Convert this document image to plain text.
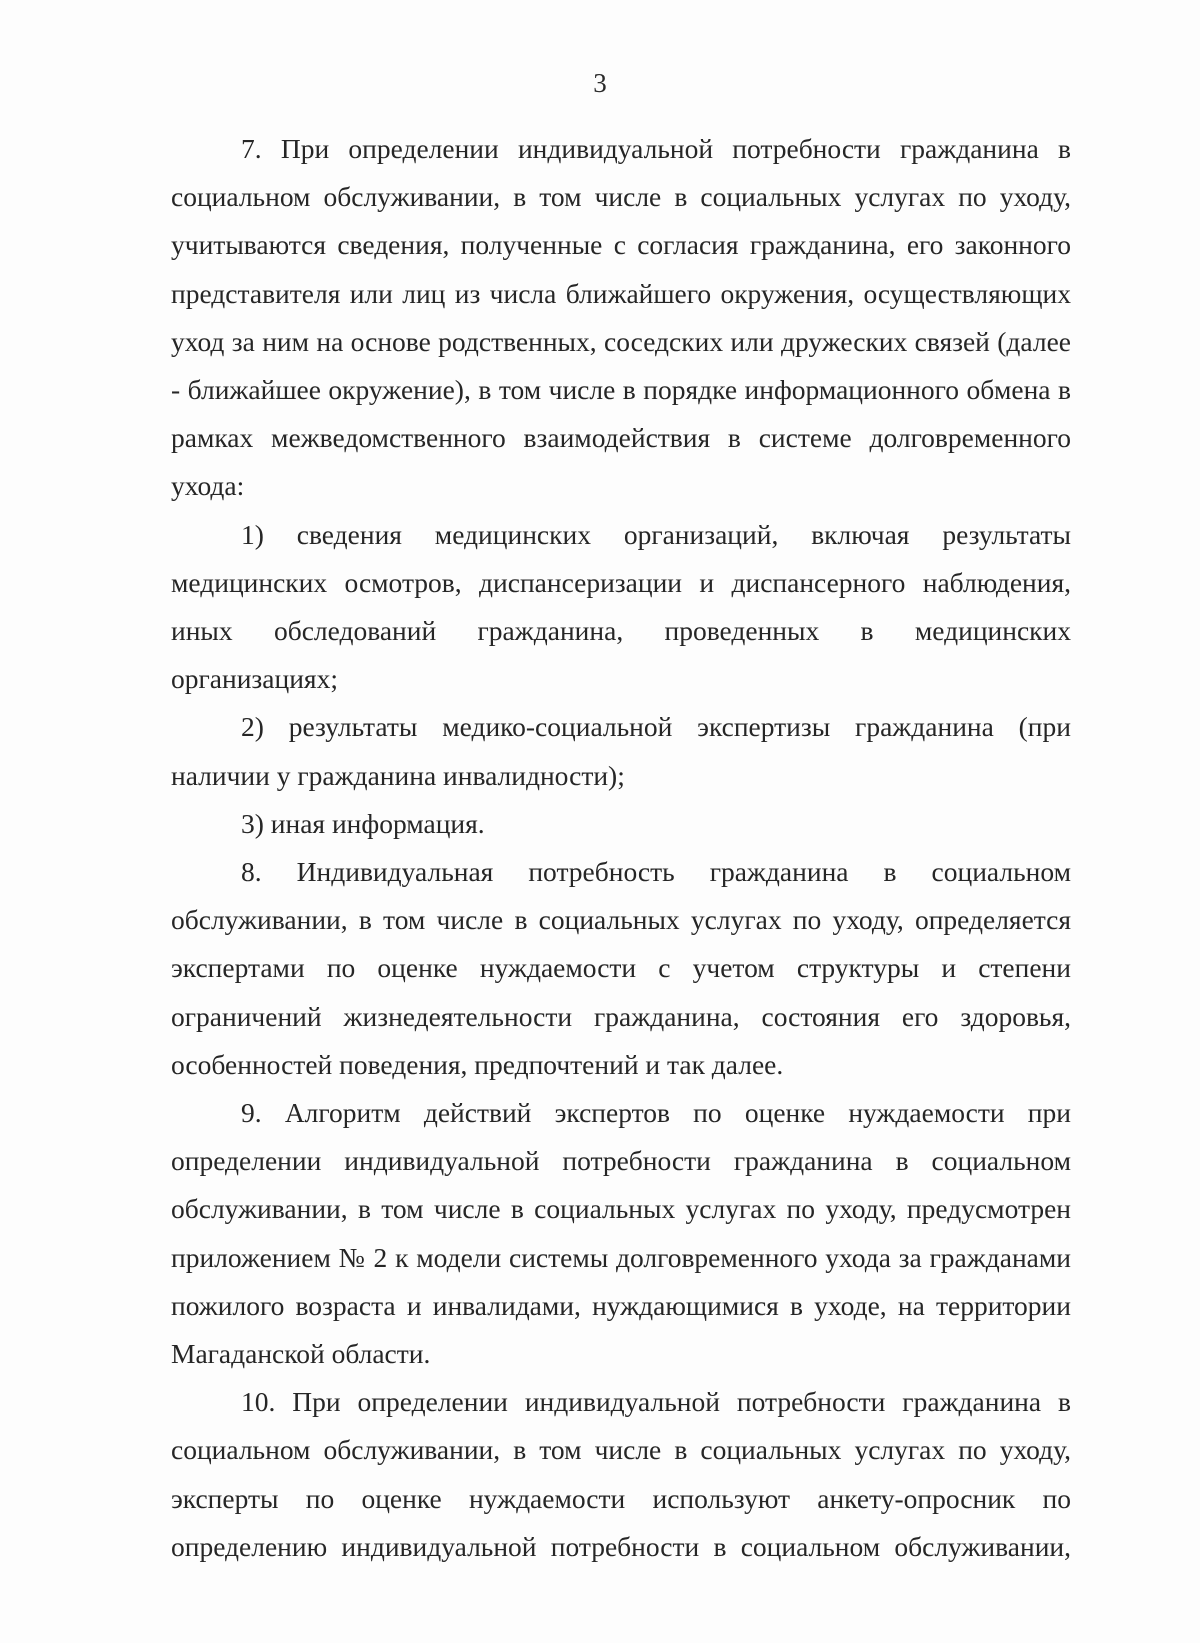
3

7. При определении индивидуальной потребности гражданина в социальном обслуживании, в том числе в социальных услугах по уходу, учитываются сведения, полученные с согласия гражданина, его законного представителя или лиц из числа ближайшего окружения, осуществляющих уход за ним на основе родственных, соседских или дружеских связей (далее - ближайшее окружение), в том числе в порядке информационного обмена в рамках межведомственного взаимодействия в системе долговременного ухода:

1) сведения медицинских организаций, включая результаты медицинских осмотров, диспансеризации и диспансерного наблюдения, иных обследований гражданина, проведенных в медицинских организациях;

2) результаты медико-социальной экспертизы гражданина (при наличии у гражданина инвалидности);

3) иная информация.

8. Индивидуальная потребность гражданина в социальном обслуживании, в том числе в социальных услугах по уходу, определяется экспертами по оценке нуждаемости с учетом структуры и степени ограничений жизнедеятельности гражданина, состояния его здоровья, особенностей поведения, предпочтений и так далее.

9. Алгоритм действий экспертов по оценке нуждаемости при определении индивидуальной потребности гражданина в социальном обслуживании, в том числе в социальных услугах по уходу, предусмотрен приложением № 2 к модели системы долговременного ухода за гражданами пожилого возраста и инвалидами, нуждающимися в уходе, на территории Магаданской области.

10. При определении индивидуальной потребности гражданина в социальном обслуживании, в том числе в социальных услугах по уходу, эксперты по оценке нуждаемости используют анкету-опросник по определению индивидуальной потребности в социальном обслуживании,
